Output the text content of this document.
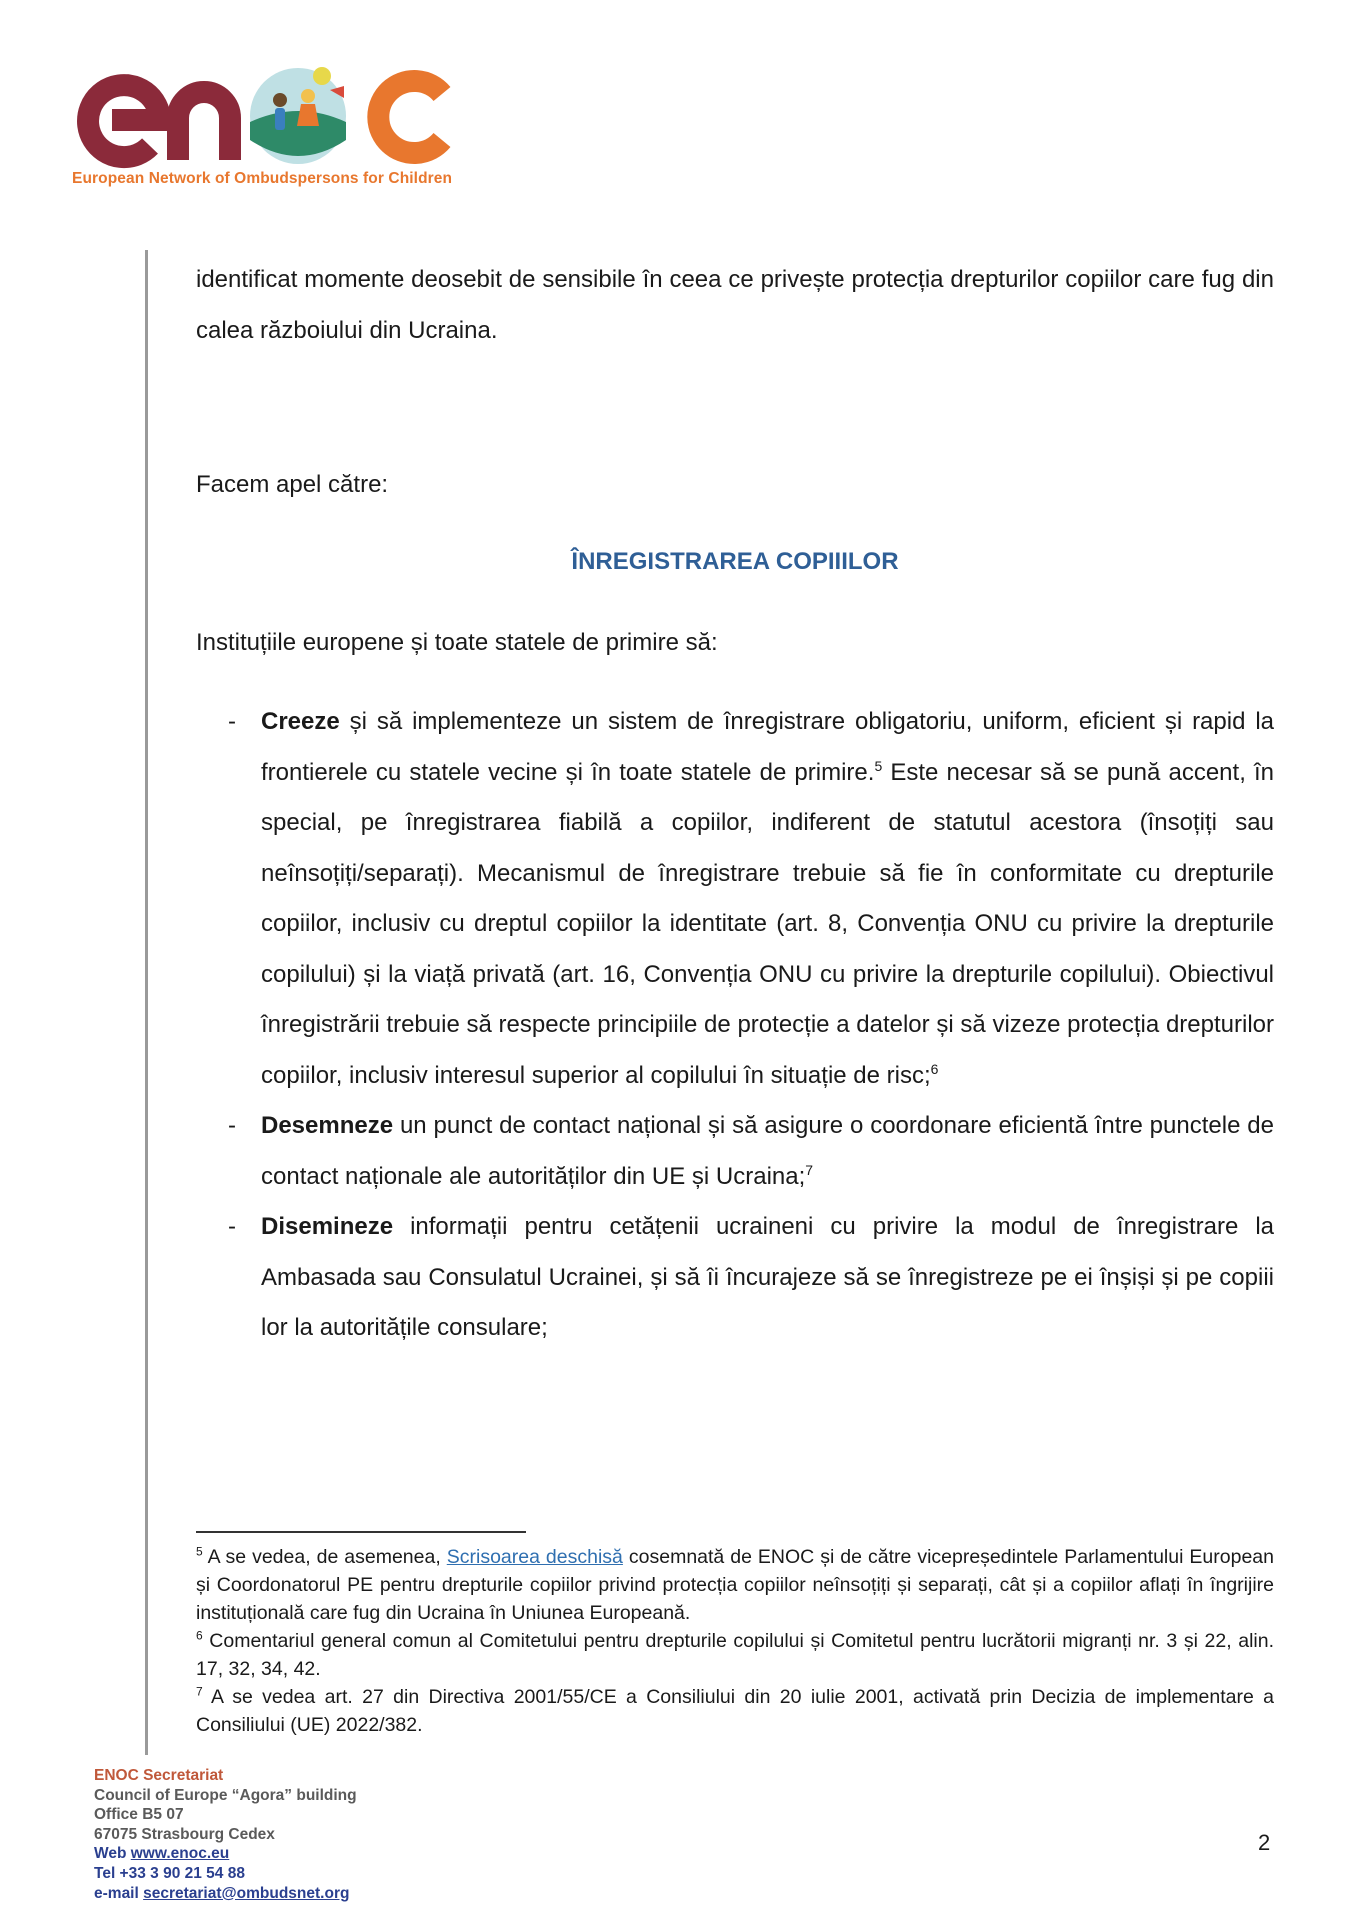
European Network of Ombudspersons for Children
identificat momente deosebit de sensibile în ceea ce privește protecția drepturilor copiilor care fug din calea războiului din Ucraina.
Facem apel către:
ÎNREGISTRAREA COPIIILOR
Instituțiile europene și toate statele de primire să:
- Creeze și să implementeze un sistem de înregistrare obligatoriu, uniform, eficient și rapid la frontierele cu statele vecine și în toate statele de primire.$^5$ Este necesar să se pună accent, în special, pe înregistrarea fiabilă a copiilor, indiferent de statutul acestora (însoțiți sau neînsoțiți/separați). Mecanismul de înregistrare trebuie să fie în conformitate cu drepturile copiilor, inclusiv cu dreptul copiilor la identitate (art. 8, Convenția ONU cu privire la drepturile copilului) și la viață privată (art. 16, Convenția ONU cu privire la drepturile copilului). Obiectivul înregistrării trebuie să respecte principiile de protecție a datelor și să vizeze protecția drepturilor copiilor, inclusiv interesul superior al copilului în situație de risc;$^6$
- Desemneze un punct de contact național și să asigure o coordonare eficientă între punctele de contact naționale ale autorităților din UE și Ucraina;$^7$
- Disemineze informații pentru cetățenii ucraineni cu privire la modul de înregistrare la Ambasada sau Consulatul Ucrainei, și să îi încurajeze să se înregistreze pe ei înșiși și pe copiii lor la autoritățile consulare;

$^5$ A se vedea, de asemenea, Scrisoarea deschisă cosemnată de ENOC și de către vicepreședintele Parlamentului European și Coordonatorul PE pentru drepturile copiilor privind protecția copiilor neînsoțiți și separați, cât și a copiilor aflați în îngrijire instituțională care fug din Ucraina în Uniunea Europeană.

$^6$ Comentariul general comun al Comitetului pentru drepturile copilului și Comitetul pentru lucrătorii migranți nr. 3 și 22, alin. 17, 32, 34, 42.

$^7$ A se vedea art. 27 din Directiva 2001/55/CE a Consiliului din 20 iulie 2001, activată prin Decizia de implementare a Consiliului (UE) 2022/382.

ENOC Secretariat
Council of Europe “Agora” building
Office B5 07
67075 Strasbourg Cedex
Web www.enoc.eu
Tel +33 3 90 21 54 88
e-mail secretariat@ombudsnet.org
2
